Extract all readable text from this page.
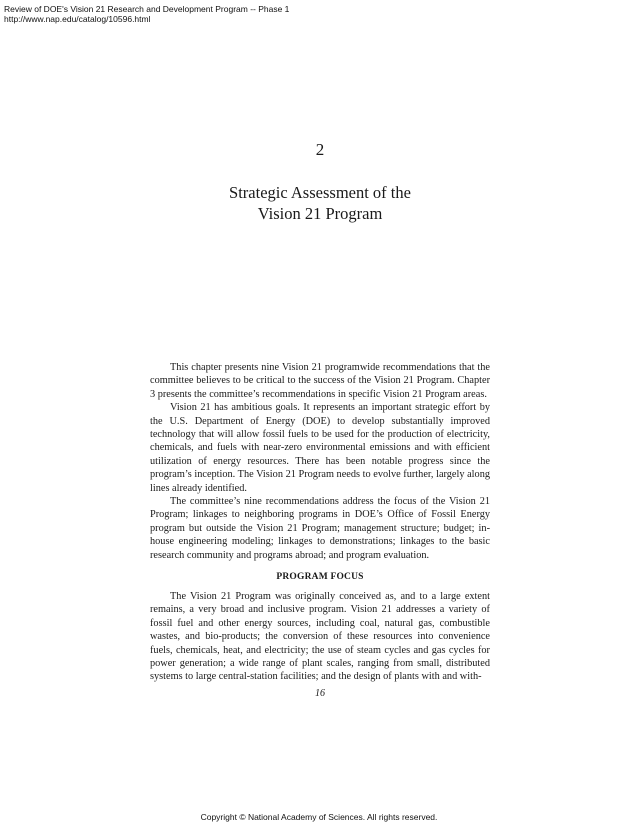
Review of DOE's Vision 21 Research and Development Program -- Phase 1
http://www.nap.edu/catalog/10596.html
2
Strategic Assessment of the
Vision 21 Program

This chapter presents nine Vision 21 programwide recommendations that the committee believes to be critical to the success of the Vision 21 Program. Chapter 3 presents the committee’s recommendations in specific Vision 21 Program areas.

Vision 21 has ambitious goals. It represents an important strategic effort by the U.S. Department of Energy (DOE) to develop substantially improved technology that will allow fossil fuels to be used for the production of electricity, chemicals, and fuels with near-zero environmental emissions and with efficient utilization of energy resources. There has been notable progress since the program’s inception. The Vision 21 Program needs to evolve further, largely along lines already identified.

The committee’s nine recommendations address the focus of the Vision 21 Program; linkages to neighboring programs in DOE’s Office of Fossil Energy program but outside the Vision 21 Program; management structure; budget; in-house engineering modeling; linkages to demonstrations; linkages to the basic research community and programs abroad; and program evaluation.

PROGRAM FOCUS

The Vision 21 Program was originally conceived as, and to a large extent remains, a very broad and inclusive program. Vision 21 addresses a variety of fossil fuel and other energy sources, including coal, natural gas, combustible wastes, and bio-products; the conversion of these resources into convenience fuels, chemicals, heat, and electricity; the use of steam cycles and gas cycles for power generation; a wide range of plant scales, ranging from small, distributed systems to large central-station facilities; and the design of plants with and with-

16
Copyright © National Academy of Sciences. All rights reserved.
